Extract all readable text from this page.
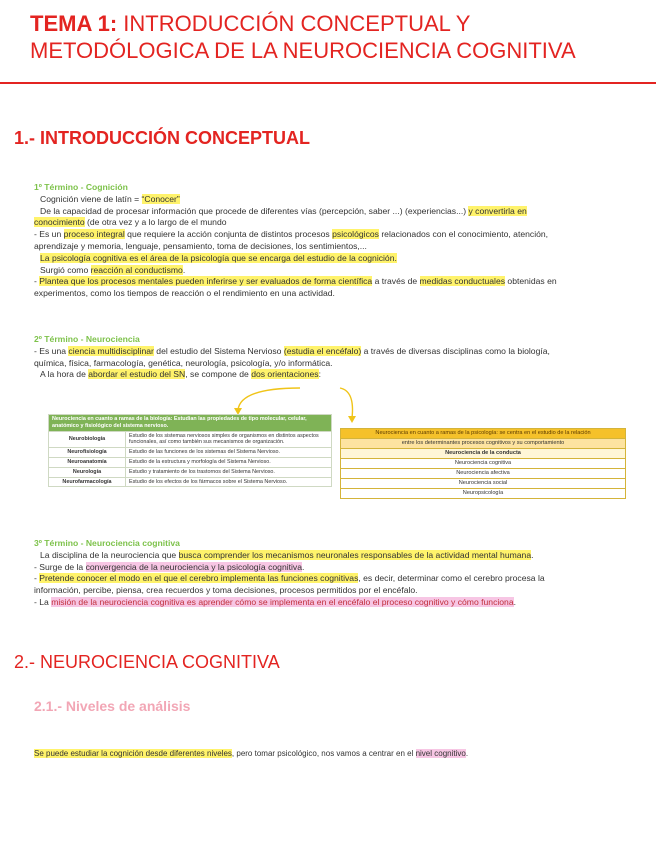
TEMA 1: INTRODUCCIÓN CONCEPTUAL Y

METODÓLOGICA DE LA NEUROCIENCIA COGNITIVA

1.- INTRODUCCIÓN CONCEPTUAL

1º Término - Cognición

Cognición viene de latín = “Conocer”

De la capacidad de procesar información que procede de diferentes vías (percepción, saber ...) (experiencias...) y convertirla en

conocimiento (de otra vez y a lo largo de el mundo

- Es un proceso integral que requiere la acción conjunta de distintos procesos psicológicos relacionados con el conocimiento, atención,

aprendizaje y memoria, lenguaje, pensamiento, toma de decisiones, los sentimientos,...

La psicología cognitiva es el área de la psicología que se encarga del estudio de la cognición.

Surgió como reacción al conductismo.

- Plantea que los procesos mentales pueden inferirse y ser evaluados de forma científica a través de medidas conductuales obtenidas en

experimentos, como los tiempos de reacción o el rendimiento en una actividad.

2º Término - Neurociencia

- Es una ciencia multidisciplinar del estudio del Sistema Nervioso (estudia el encéfalo) a través de diversas disciplinas como la biología,

química, física, farmacología, genética, neurología, psicología, y/o informática.

A la hora de abordar el estudio del SN, se compone de dos orientaciones:

Neurociencia en cuanto a ramas de la biología: Estudian las propiedades de tipo molecular, celular, anatómico y fisiológico del sistema nervioso.	
Neurobiología	Estudio de los sistemas nerviosos simples de organismos en distintos aspectos funcionales, así como también sus mecanismos de organización.
Neurofisiología	Estudio de las funciones de los sistemas del Sistema Nervioso.
Neuroanatomía	Estudio de la estructura y morfología del Sistema Nervioso.
Neurología	Estudio y tratamiento de los trastornos del Sistema Nervioso.
Neurofarmacología	Estudio de los efectos de los fármacos sobre el Sistema Nervioso.
Neurociencia en cuanto a ramas de la psicología: se centra en el estudio de la relación
entre los determinantes procesos cognitivos y su comportamiento
Neurociencia de la conducta
Neurociencia cognitiva
Neurociencia afectiva
Neurociencia social
Neuropsicología

3º Término - Neurociencia cognitiva

La disciplina de la neurociencia que busca comprender los mecanismos neuronales responsables de la actividad mental humana.

- Surge de la convergencia de la neurociencia y la psicología cognitiva.

- Pretende conocer el modo en el que el cerebro implementa las funciones cognitivas, es decir, determinar como el cerebro procesa la

información, percibe, piensa, crea recuerdos y toma decisiones, procesos permitidos por el encéfalo.

- La misión de la neurociencia cognitiva es aprender cómo se implementa en el encéfalo el proceso cognitivo y cómo funciona.

2.- NEUROCIENCIA COGNITIVA
2.1.- Niveles de análisis

Se puede estudiar la cognición desde diferentes niveles, pero tomar psicológico, nos vamos a centrar en el nivel cognitivo.
